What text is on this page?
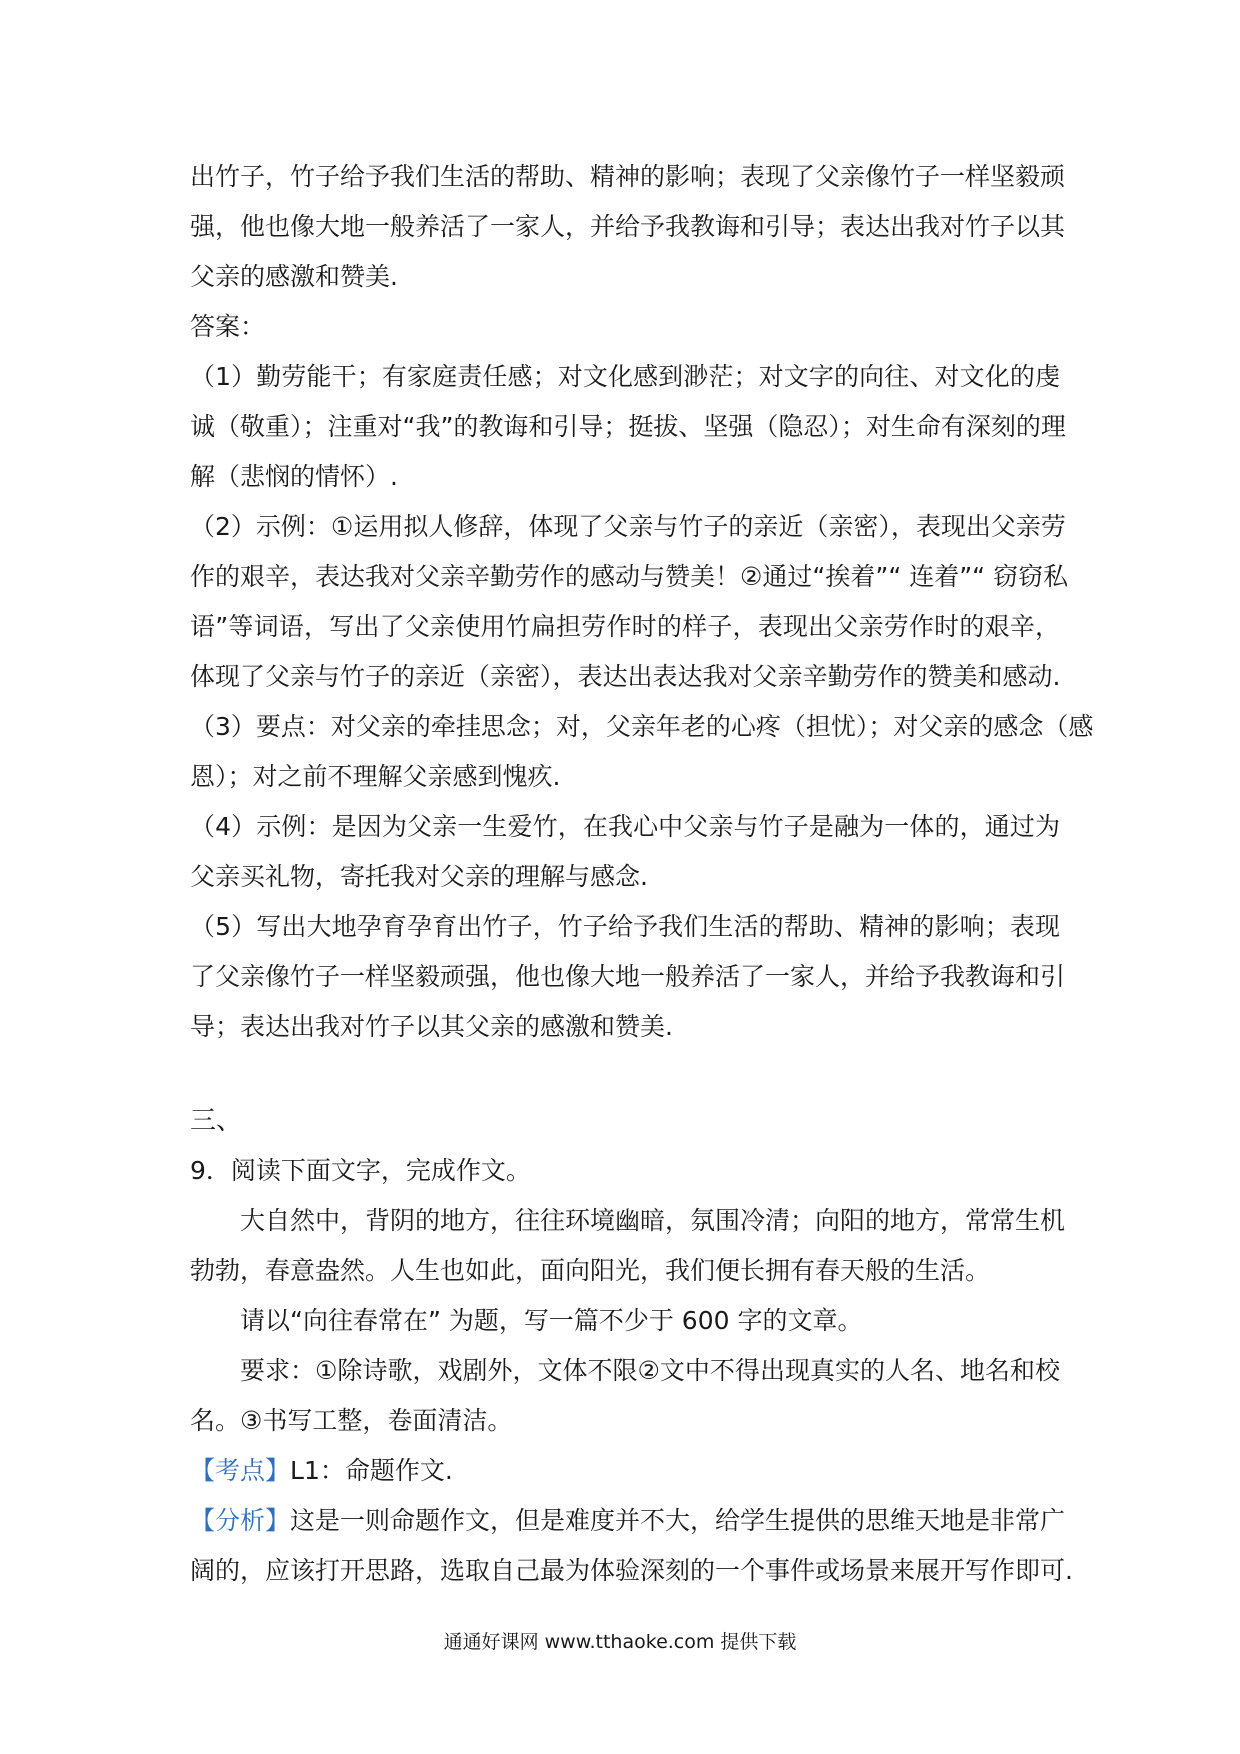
出竹子，竹子给予我们生活的帮助、精神的影响；表现了父亲像竹子一样坚毅顽
强，他也像大地一般养活了一家人，并给予我教诲和引导；表达出我对竹子以其
父亲的感激和赞美.
答案：
（1）勤劳能干；有家庭责任感；对文化感到渺茫；对文字的向往、对文化的虔
诚（敬重）；注重对“我”的教诲和引导；挺拔、坚强（隐忍）；对生命有深刻的理
解（悲悯的情怀）.
（2）示例：①运用拟人修辞，体现了父亲与竹子的亲近（亲密），表现出父亲劳
作的艰辛，表达我对父亲辛勤劳作的感动与赞美！②通过“挨着”“ 连着”“ 窃窃私
语”等词语，写出了父亲使用竹扁担劳作时的样子，表现出父亲劳作时的艰辛，
体现了父亲与竹子的亲近（亲密），表达出表达我对父亲辛勤劳作的赞美和感动.
（3）要点：对父亲的牵挂思念；对，父亲年老的心疼（担忧）；对父亲的感念（感
恩）；对之前不理解父亲感到愧疚.
（4）示例：是因为父亲一生爱竹，在我心中父亲与竹子是融为一体的，通过为
父亲买礼物，寄托我对父亲的理解与感念.
（5）写出大地孕育孕育出竹子，竹子给予我们生活的帮助、精神的影响；表现
了父亲像竹子一样坚毅顽强，他也像大地一般养活了一家人，并给予我教诲和引
导；表达出我对竹子以其父亲的感激和赞美.
三、
9．阅读下面文字，完成作文。
大自然中，背阴的地方，往往环境幽暗，氛围冷清；向阳的地方，常常生机
勃勃，春意盎然。人生也如此，面向阳光，我们便长拥有春天般的生活。
请以“向往春常在” 为题，写一篇不少于 600 字的文章。
要求：①除诗歌，戏剧外，文体不限②文中不得出现真实的人名、地名和校
名。③书写工整，卷面清洁。
【考点】L1：命题作文.
【分析】这是一则命题作文，但是难度并不大，给学生提供的思维天地是非常广
阔的，应该打开思路，选取自己最为体验深刻的一个事件或场景来展开写作即可.
通通好课网 www.tthaoke.com 提供下载
